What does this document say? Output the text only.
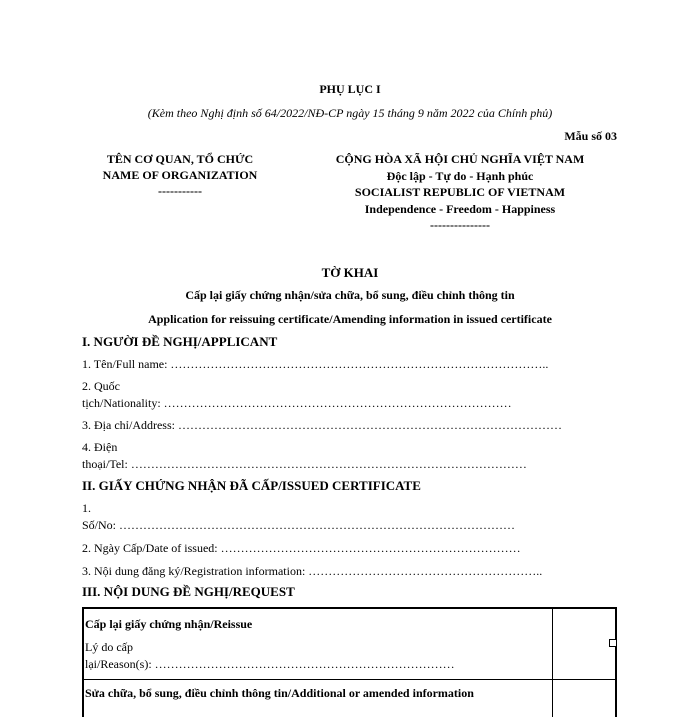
PHỤ LỤC I
(Kèm theo Nghị định số 64/2022/NĐ-CP ngày 15 tháng 9 năm 2022 của Chính phủ)
Mẫu số 03
TÊN CƠ QUAN, TỔ CHỨC
NAME OF ORGANIZATION
-----------
CỘNG HÒA XÃ HỘI CHỦ NGHĨA VIỆT NAM
Độc lập - Tự do - Hạnh phúc
SOCIALIST REPUBLIC OF VIETNAM
Independence - Freedom - Happiness
---------------
TỜ KHAI
Cấp lại giấy chứng nhận/sửa chữa, bổ sung, điều chỉnh thông tin
Application for reissuing certificate/Amending information in issued certificate
I. NGƯỜI ĐỀ NGHỊ/APPLICANT
1. Tên/Full name: …………………………………………………………………………………..
2. Quốc
tịch/Nationality: ……………………………………………………………………………
3. Địa chỉ/Address: ……………………………………………………………………………………
4. Điện
thoại/Tel: ………………………………………………………………………………………
II. GIẤY CHỨNG NHẬN ĐÃ CẤP/ISSUED CERTIFICATE
1.
Số/No: ………………………………………………………………………………………
2. Ngày Cấp/Date of issued: …………………………………………………………………
3. Nội dung đăng ký/Registration information: …………………………………………………..
III. NỘI DUNG ĐỀ NGHỊ/REQUEST
Cấp lại giấy chứng nhận/Reissue
Lý do cấp
lại/Reason(s): …………………………………………………………………
Sửa chữa, bổ sung, điều chỉnh thông tin/Additional or amended information
